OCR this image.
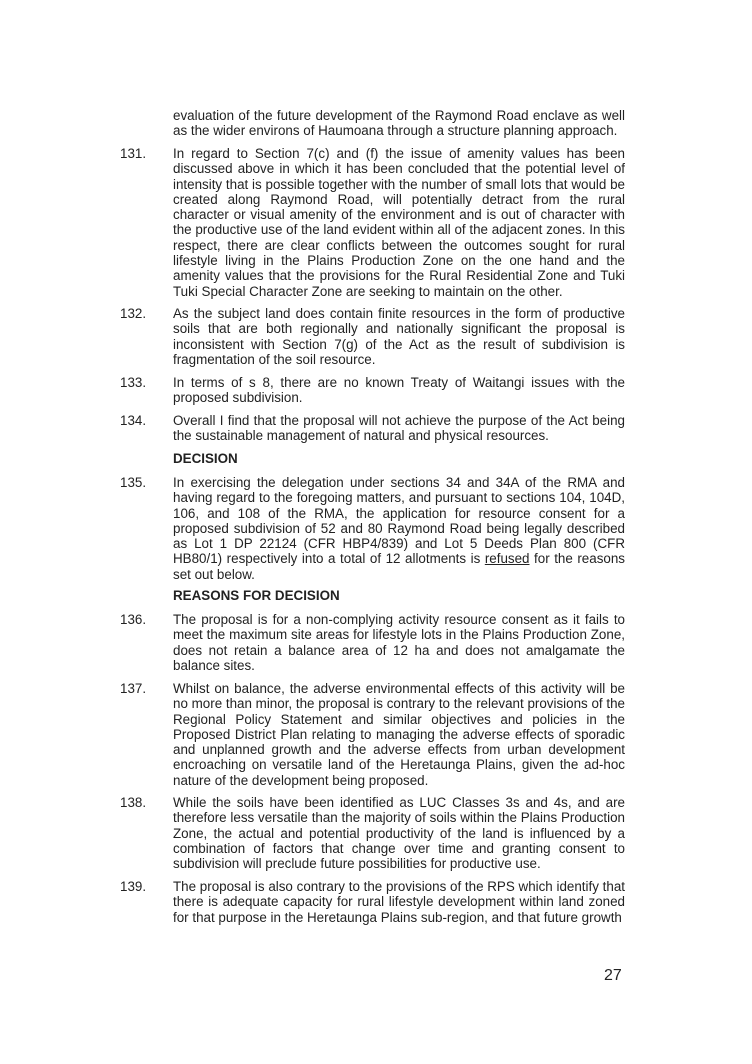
evaluation of the future development of the Raymond Road enclave as well as the wider environs of Haumoana through a structure planning approach.
131. In regard to Section 7(c) and (f) the issue of amenity values has been discussed above in which it has been concluded that the potential level of intensity that is possible together with the number of small lots that would be created along Raymond Road, will potentially detract from the rural character or visual amenity of the environment and is out of character with the productive use of the land evident within all of the adjacent zones. In this respect, there are clear conflicts between the outcomes sought for rural lifestyle living in the Plains Production Zone on the one hand and the amenity values that the provisions for the Rural Residential Zone and Tuki Tuki Special Character Zone are seeking to maintain on the other.
132. As the subject land does contain finite resources in the form of productive soils that are both regionally and nationally significant the proposal is inconsistent with Section 7(g) of the Act as the result of subdivision is fragmentation of the soil resource.
133. In terms of s 8, there are no known Treaty of Waitangi issues with the proposed subdivision.
134. Overall I find that the proposal will not achieve the purpose of the Act being the sustainable management of natural and physical resources.
DECISION
135. In exercising the delegation under sections 34 and 34A of the RMA and having regard to the foregoing matters, and pursuant to sections 104, 104D, 106, and 108 of the RMA, the application for resource consent for a proposed subdivision of 52 and 80 Raymond Road being legally described as Lot 1 DP 22124 (CFR HBP4/839) and Lot 5 Deeds Plan 800 (CFR HB80/1) respectively into a total of 12 allotments is refused for the reasons set out below.
REASONS FOR DECISION
136. The proposal is for a non-complying activity resource consent as it fails to meet the maximum site areas for lifestyle lots in the Plains Production Zone, does not retain a balance area of 12 ha and does not amalgamate the balance sites.
137. Whilst on balance, the adverse environmental effects of this activity will be no more than minor, the proposal is contrary to the relevant provisions of the Regional Policy Statement and similar objectives and policies in the Proposed District Plan relating to managing the adverse effects of sporadic and unplanned growth and the adverse effects from urban development encroaching on versatile land of the Heretaunga Plains, given the ad-hoc nature of the development being proposed.
138. While the soils have been identified as LUC Classes 3s and 4s, and are therefore less versatile than the majority of soils within the Plains Production Zone, the actual and potential productivity of the land is influenced by a combination of factors that change over time and granting consent to subdivision will preclude future possibilities for productive use.
139. The proposal is also contrary to the provisions of the RPS which identify that there is adequate capacity for rural lifestyle development within land zoned for that purpose in the Heretaunga Plains sub-region, and that future growth
27
